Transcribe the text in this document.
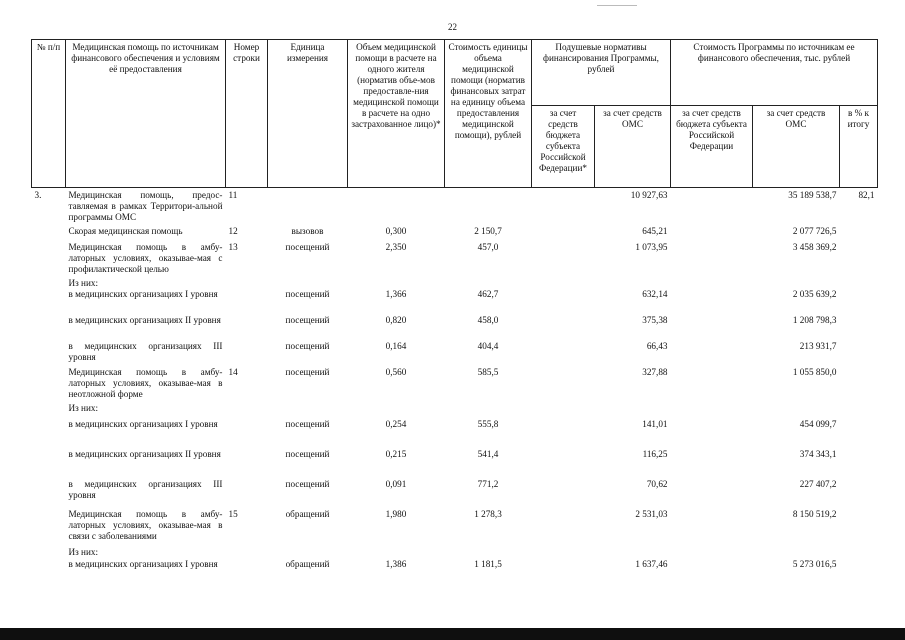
22
№ п/п	Медицинская помощь по источникам финансового обеспечения и условиям её предоставления	Номер строки	Единица измерения	Объем медицинской помощи в расчете на одного жителя (норматив объе-мов предоставле-ния медицинской помощи в расчете на одно застрахованное лицо)*	Стоимость единицы объема медицинской помощи (норматив финансовых затрат на единицу объема предоставления медицинской помощи), рублей	Подушевые нормативы финансирования Программы, рублей		Стоимость Программы по источникам ее финансового обеспечения, тыс. рублей		
						за счет средств бюджета субъекта Российской Федерации*	за счет средств ОМС	за счет средств бюджета субъекта Российской Федерации	за счет средств ОМС	в % к итогу
3.	Медицинская помощь, предос-тавляемая в рамках Территори-альной программы ОМС	11					10 927,63		35 189 538,7	82,1
	Скорая медицинская помощь	12	вызовов	0,300	2 150,7		645,21		2 077 726,5	
	Медицинская помощь в амбу-латорных условиях, оказывае-мая с профилактической целью	13	посещений	2,350	457,0		1 073,95		3 458 369,2	
	Из них:									
	в медицинских организациях I уровня		посещений	1,366	462,7		632,14		2 035 639,2	
	в медицинских организациях II уровня		посещений	0,820	458,0		375,38		1 208 798,3	
	в медицинских организациях III уровня		посещений	0,164	404,4		66,43		213 931,7	
	Медицинская помощь в амбу-латорных условиях, оказывае-мая в неотложной форме	14	посещений	0,560	585,5		327,88		1 055 850,0	
	Из них:									
	в медицинских организациях I уровня		посещений	0,254	555,8		141,01		454 099,7	
	в медицинских организациях II уровня		посещений	0,215	541,4		116,25		374 343,1	
	в медицинских организациях III уровня		посещений	0,091	771,2		70,62		227 407,2	
	Медицинская помощь в амбу-латорных условиях, оказывае-мая в связи с заболеваниями	15	обращений	1,980	1 278,3		2 531,03		8 150 519,2	
	Из них:									
	в медицинских организациях I уровня		обращений	1,386	1 181,5		1 637,46		5 273 016,5	
